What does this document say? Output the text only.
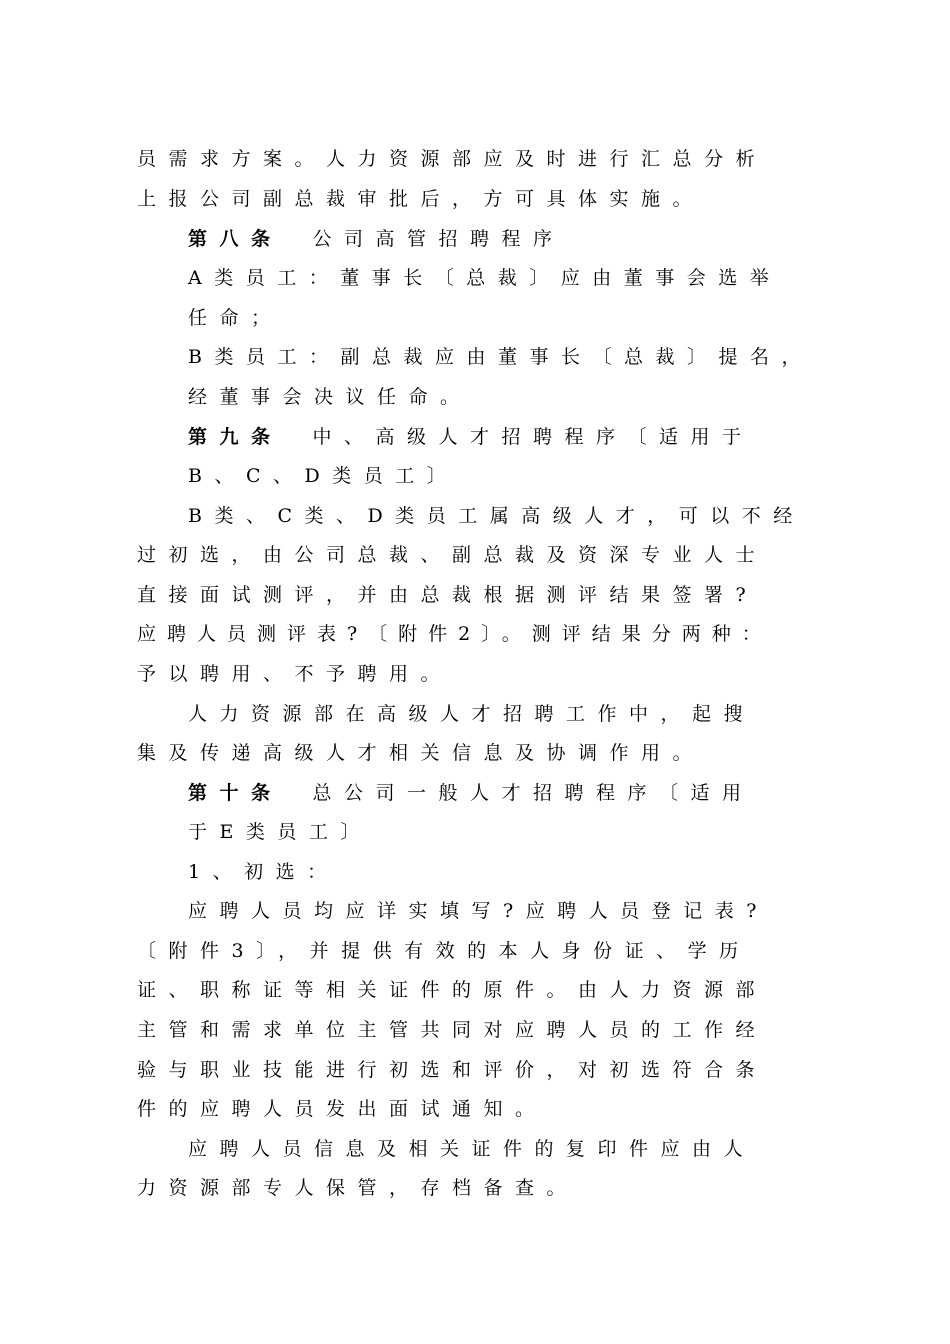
员需求方案。人力资源部应及时进行汇总分析
上报公司副总裁审批后，方可具体实施。
第八条 公司高管招聘程序
A类员工：董事长〔总裁〕应由董事会选举
任命；
B类员工：副总裁应由董事长〔总裁〕提名，
经董事会决议任命。
第九条 中、高级人才招聘程序〔适用于
B、C、D类员工〕
B类、C类、D类员工属高级人才，可以不经
过初选，由公司总裁、副总裁及资深专业人士
直接面试测评，并由总裁根据测评结果签署?
应聘人员测评表?〔附件2〕。测评结果分两种：
予以聘用、不予聘用。
人力资源部在高级人才招聘工作中，起搜
集及传递高级人才相关信息及协调作用。
第十条 总公司一般人才招聘程序〔适用
于E类员工〕
1、初选：
应聘人员均应详实填写?应聘人员登记表?
〔附件3〕，并提供有效的本人身份证、学历
证、职称证等相关证件的原件。由人力资源部
主管和需求单位主管共同对应聘人员的工作经
验与职业技能进行初选和评价，对初选符合条
件的应聘人员发出面试通知。
应聘人员信息及相关证件的复印件应由人
力资源部专人保管，存档备查。
